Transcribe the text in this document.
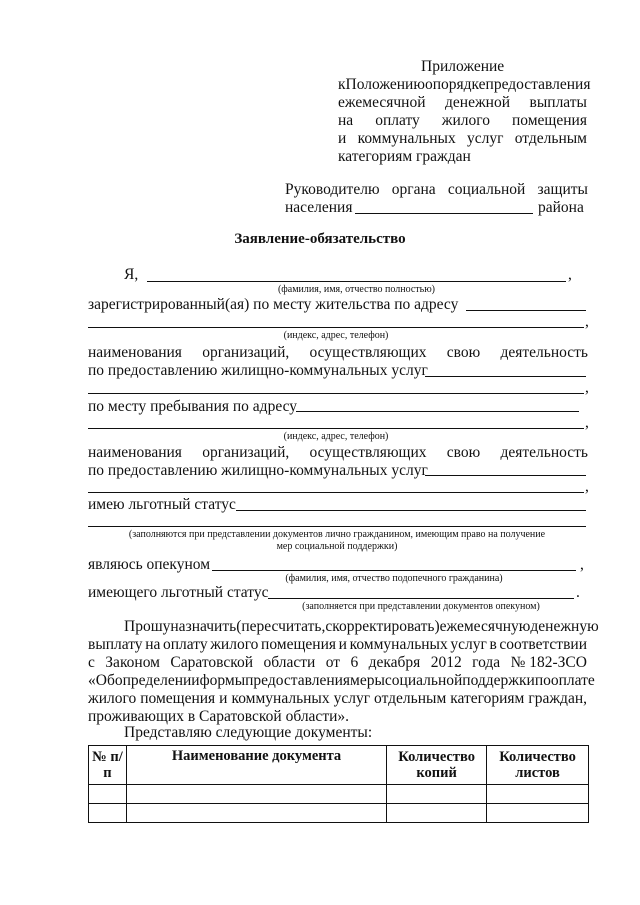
Приложение
к Положению о порядке предоставления
ежемесячной денежной выплаты
на оплату жилого помещения
и коммунальных услуг отдельным
категориям граждан
Руководителю органа социальной защиты
населения	района
Заявление-обязательство
Я,	,
(фамилия, имя, отчество полностью)
зарегистрированный(ая) по месту жительства по адресу
,
(индекс, адрес, телефон)
наименования организаций, осуществляющих свою деятельность
по предоставлению жилищно-коммунальных услуг
,
по месту пребывания по адресу
,
(индекс, адрес, телефон)
наименования организаций, осуществляющих свою деятельность
по предоставлению жилищно-коммунальных услуг
,
имею льготный статус
(заполняются при представлении документов лично гражданином, имеющим право на получение
мер социальной поддержки)
являюсь опекуном	,
(фамилия, имя, отчество подопечного гражданина)
имеющего льготный статус	.
(заполняется при представлении документов опекуном)
Прошу назначить (пересчитать, скорректировать) ежемесячную денежную
выплату на оплату жилого помещения и коммунальных услуг в соответствии
с Законом Саратовской области от 6 декабря 2012 года № 182-ЗСО
«Об определении формы предоставления меры социальной поддержки по оплате
жилого помещения и коммунальных услуг отдельным категориям граждан,
проживающих в Саратовской области».
Представляю следующие документы:
№ п/п	Наименование документа	Количество копий	Количество листов
